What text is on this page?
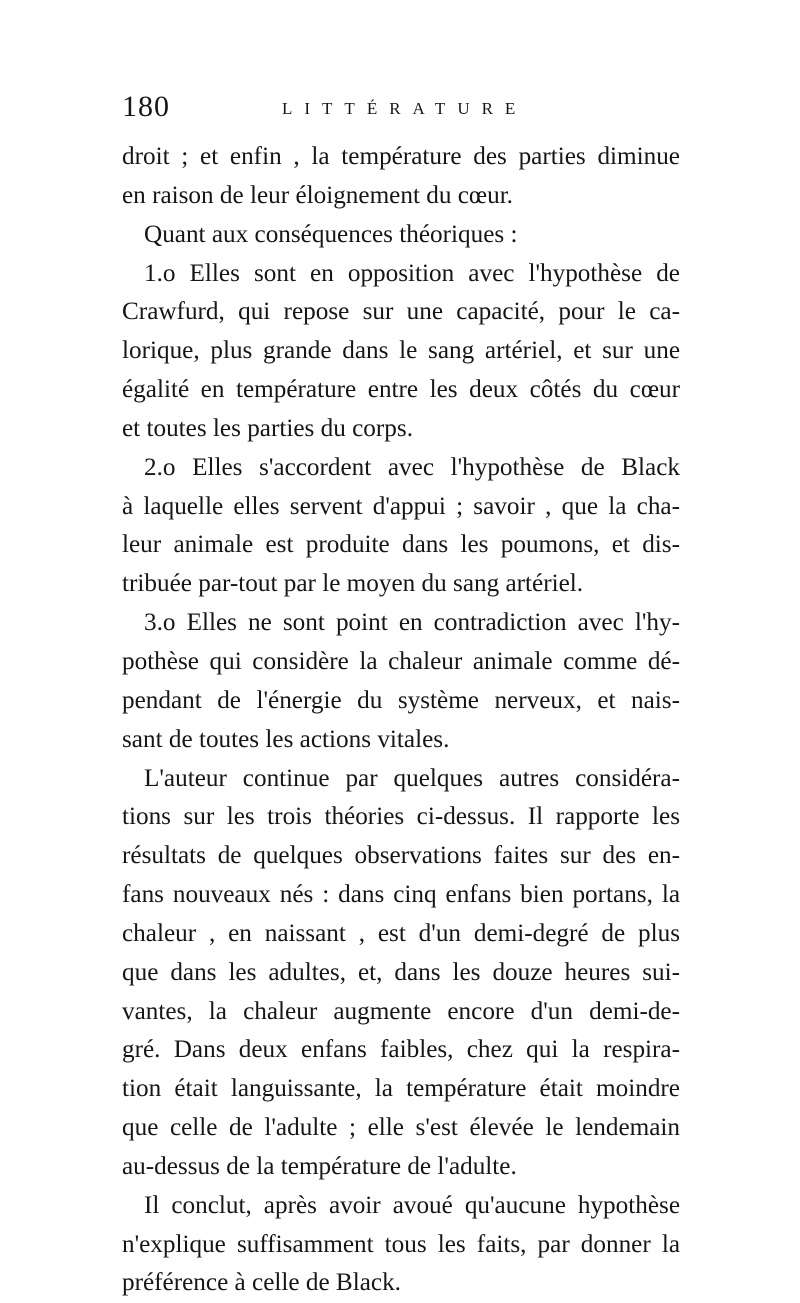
180	LITTÉRATURE
droit ; et enfin , la température des parties diminue
en raison de leur éloignement du cœur.
Quant aux conséquences théoriques :
1.o Elles sont en opposition avec l'hypothèse de
Crawfurd, qui repose sur une capacité, pour le ca-
lorique, plus grande dans le sang artériel, et sur une
égalité en température entre les deux côtés du cœur
et toutes les parties du corps.
2.o Elles s'accordent avec l'hypothèse de Black
à laquelle elles servent d'appui ; savoir , que la cha-
leur animale est produite dans les poumons, et dis-
tribuée par-tout par le moyen du sang artériel.
3.o Elles ne sont point en contradiction avec l'hy-
pothèse qui considère la chaleur animale comme dé-
pendant de l'énergie du système nerveux, et nais-
sant de toutes les actions vitales.
L'auteur continue par quelques autres considéra-
tions sur les trois théories ci-dessus. Il rapporte les
résultats de quelques observations faites sur des en-
fans nouveaux nés : dans cinq enfans bien portans, la
chaleur , en naissant , est d'un demi-degré de plus
que dans les adultes, et, dans les douze heures sui-
vantes, la chaleur augmente encore d'un demi-de-
gré. Dans deux enfans faibles, chez qui la respira-
tion était languissante, la température était moindre
que celle de l'adulte ; elle s'est élevée le lendemain
au-dessus de la température de l'adulte.
Il conclut, après avoir avoué qu'aucune hypothèse
n'explique suffisamment tous les faits, par donner la
préférence à celle de Black.
